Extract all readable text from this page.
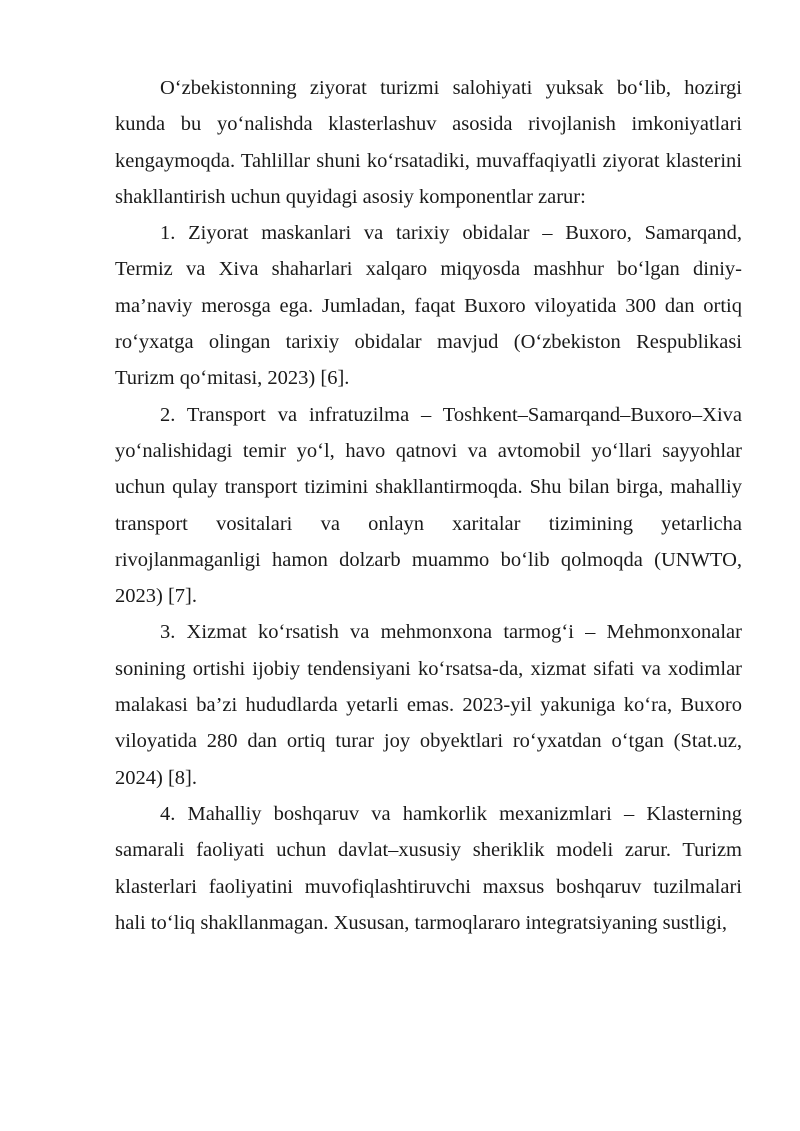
O‘zbekistonning ziyorat turizmi salohiyati yuksak bo‘lib, hozirgi kunda bu yo‘nalishda klasterlashuv asosida rivojlanish imkoniyatlari kengaymoqda. Tahlillar shuni ko‘rsatadiki, muvaffaqiyatli ziyorat klasterini shakllantirish uchun quyidagi asosiy komponentlar zarur:

1. Ziyorat maskanlari va tarixiy obidalar – Buxoro, Samarqand, Termiz va Xiva shaharlari xalqaro miqyosda mashhur bo‘lgan diniy-ma’naviy merosga ega. Jumladan, faqat Buxoro viloyatida 300 dan ortiq ro‘yxatga olingan tarixiy obidalar mavjud (O‘zbekiston Respublikasi Turizm qo‘mitasi, 2023) [6].

2. Transport va infratuzilma – Toshkent–Samarqand–Buxoro–Xiva yo‘nalishidagi temir yo‘l, havo qatnovi va avtomobil yo‘llari sayyohlar uchun qulay transport tizimini shakllantirmoqda. Shu bilan birga, mahalliy transport vositalari va onlayn xaritalar tizimining yetarlicha rivojlanmaganligi hamon dolzarb muammo bo‘lib qolmoqda (UNWTO, 2023) [7].

3. Xizmat ko‘rsatish va mehmonxona tarmog‘i – Mehmonxonalar sonining ortishi ijobiy tendensiyani ko‘rsatsa-da, xizmat sifati va xodimlar malakasi ba’zi hududlarda yetarli emas. 2023-yil yakuniga ko‘ra, Buxoro viloyatida 280 dan ortiq turar joy obyektlari ro‘yxatdan o‘tgan (Stat.uz, 2024) [8].

4. Mahalliy boshqaruv va hamkorlik mexanizmlari – Klasterning samarali faoliyati uchun davlat–xususiy sheriklik modeli zarur. Turizm klasterlari faoliyatini muvofiqlashtiruvchi maxsus boshqaruv tuzilmalari hali to‘liq shakllanmagan. Xususan, tarmoqlararo integratsiyaning sustligi,
